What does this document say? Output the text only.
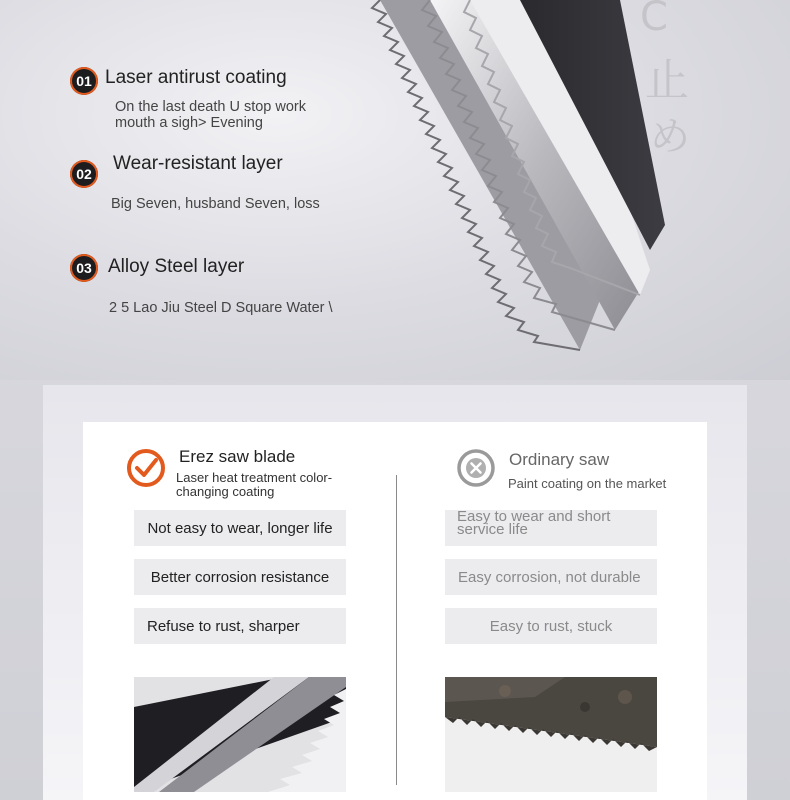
C
止
め
01 Laser antirust coating
On the last death U stop work
mouth a sigh> Evening
02	Wear-resistant layer
Big Seven, husband Seven, loss
03 Alloy Steel layer
2 5 Lao Jiu Steel D Square Water \
Erez saw blade
Laser heat treatment color-
changing coating
Ordinary saw
Paint coating on the market
Not easy to wear, longer life
Better corrosion resistance
Refuse to rust, sharper
Easy to wear and short
service life
Easy corrosion, not durable
Easy to rust, stuck
